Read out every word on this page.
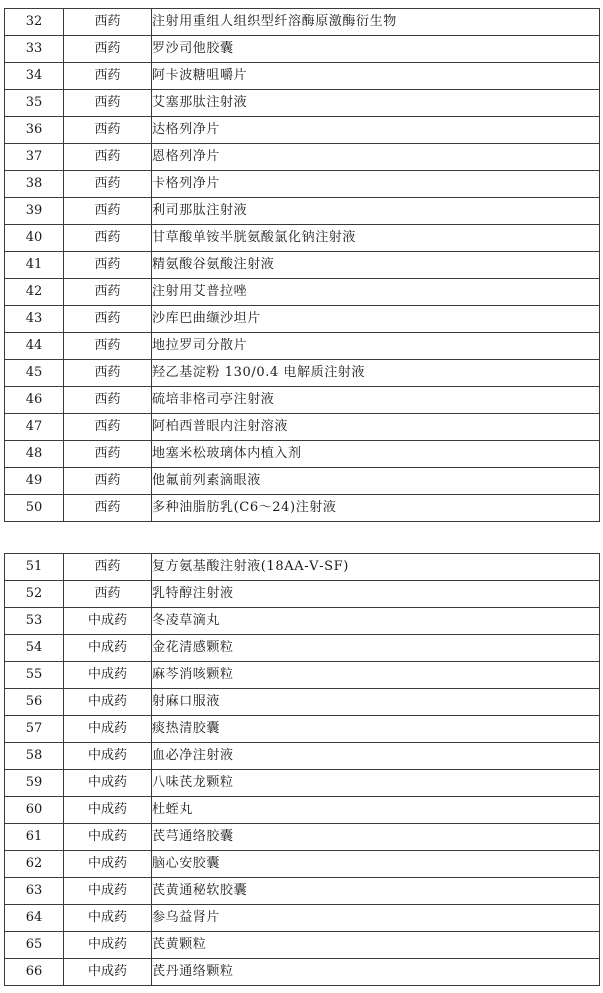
32	西药	注射用重组人组织型纤溶酶原激酶衍生物
33	西药	罗沙司他胶囊
34	西药	阿卡波糖咀嚼片
35	西药	艾塞那肽注射液
36	西药	达格列净片
37	西药	恩格列净片
38	西药	卡格列净片
39	西药	利司那肽注射液
40	西药	甘草酸单铵半胱氨酸氯化钠注射液
41	西药	精氨酸谷氨酸注射液
42	西药	注射用艾普拉唑
43	西药	沙库巴曲缬沙坦片
44	西药	地拉罗司分散片
45	西药	羟乙基淀粉 130/0.4 电解质注射液
46	西药	硫培非格司亭注射液
47	西药	阿柏西普眼内注射溶液
48	西药	地塞米松玻璃体内植入剂
49	西药	他氟前列素滴眼液
50	西药	多种油脂肪乳(C6～24)注射液
51	西药	复方氨基酸注射液(18AA-Ⅴ-SF)
52	西药	乳特醇注射液
53	中成药	冬凌草滴丸
54	中成药	金花清感颗粒
55	中成药	麻芩消咳颗粒
56	中成药	射麻口服液
57	中成药	痰热清胶囊
58	中成药	血必净注射液
59	中成药	八味芪龙颗粒
60	中成药	杜蛭丸
61	中成药	芪芎通络胶囊
62	中成药	脑心安胶囊
63	中成药	芪黄通秘软胶囊
64	中成药	参乌益肾片
65	中成药	芪黄颗粒
66	中成药	芪丹通络颗粒
